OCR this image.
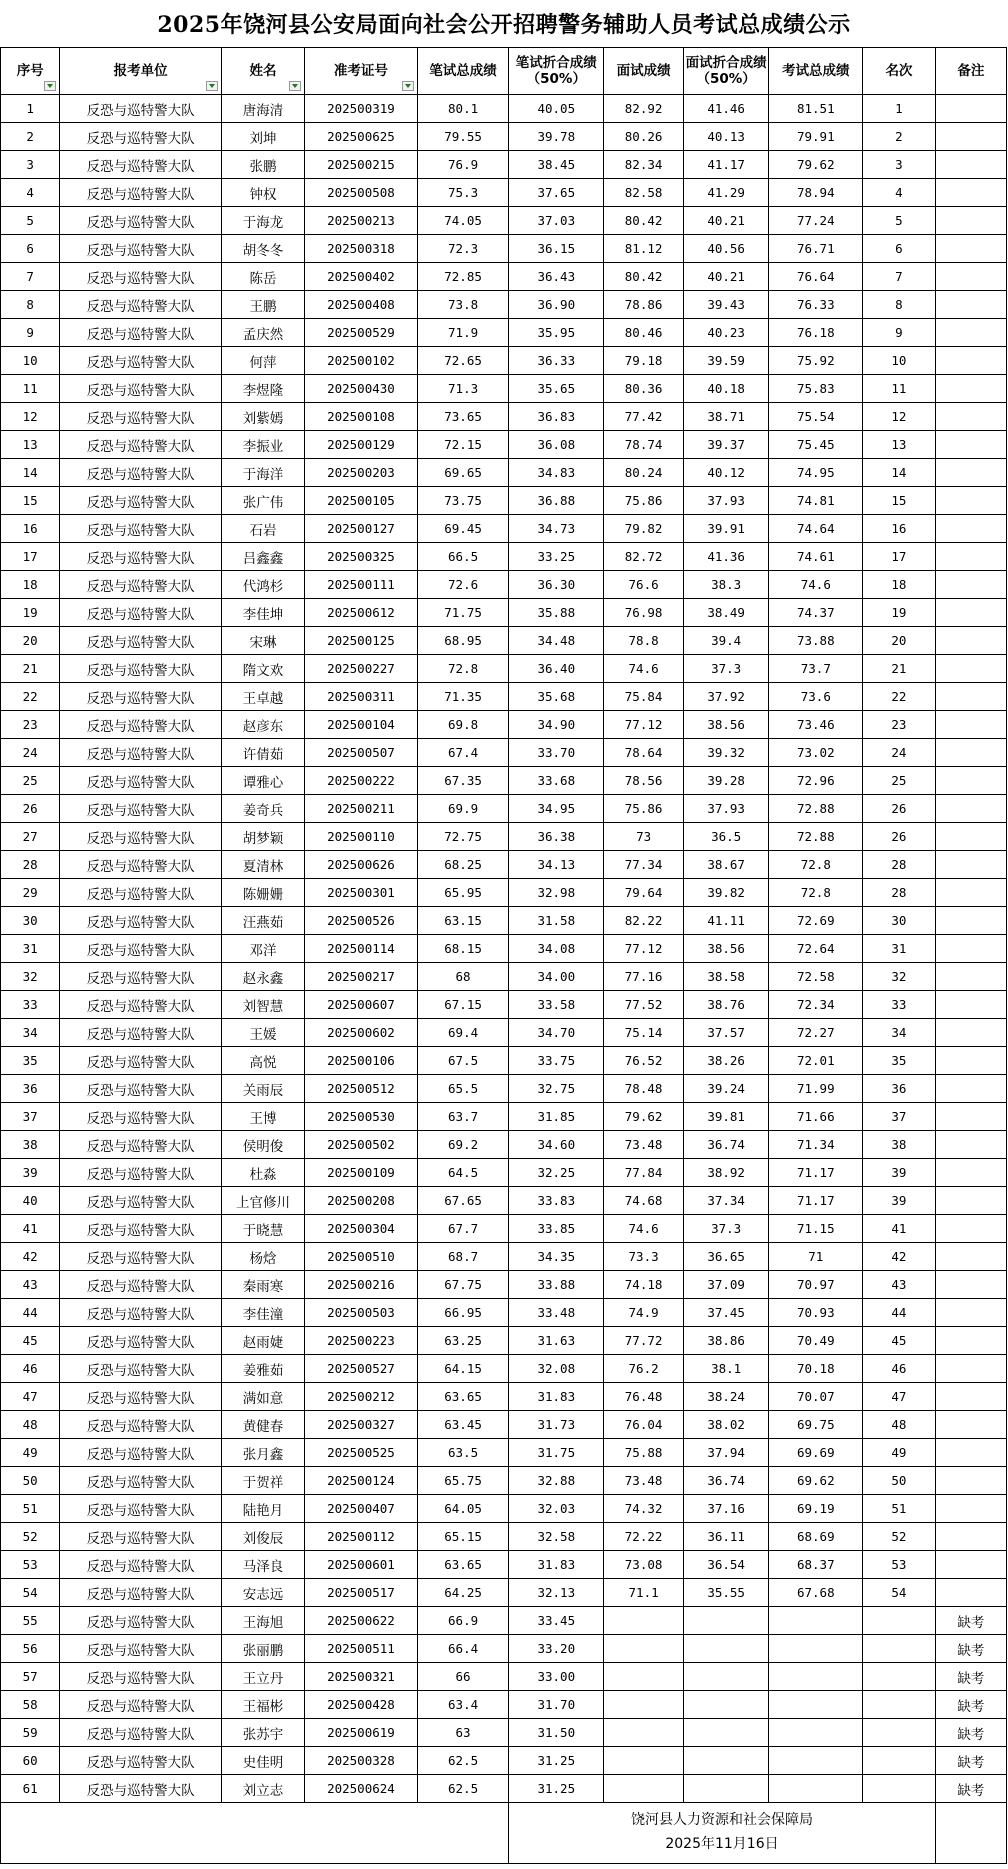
2025年饶河县公安局面向社会公开招聘警务辅助人员考试总成绩公示
序号	报考单位	姓名	准考证号	笔试总成绩	笔试折合成绩（50%）	面试成绩	面试折合成绩（50%）	考试总成绩	名次	备注
1	反恐与巡特警大队	唐海清	202500319	80.1	40.05	82.92	41.46	81.51	1	
2	反恐与巡特警大队	刘坤	202500625	79.55	39.78	80.26	40.13	79.91	2	
3	反恐与巡特警大队	张鹏	202500215	76.9	38.45	82.34	41.17	79.62	3	
4	反恐与巡特警大队	钟权	202500508	75.3	37.65	82.58	41.29	78.94	4	
5	反恐与巡特警大队	于海龙	202500213	74.05	37.03	80.42	40.21	77.24	5	
6	反恐与巡特警大队	胡冬冬	202500318	72.3	36.15	81.12	40.56	76.71	6	
7	反恐与巡特警大队	陈岳	202500402	72.85	36.43	80.42	40.21	76.64	7	
8	反恐与巡特警大队	王鹏	202500408	73.8	36.90	78.86	39.43	76.33	8	
9	反恐与巡特警大队	孟庆然	202500529	71.9	35.95	80.46	40.23	76.18	9	
10	反恐与巡特警大队	何萍	202500102	72.65	36.33	79.18	39.59	75.92	10	
11	反恐与巡特警大队	李煜隆	202500430	71.3	35.65	80.36	40.18	75.83	11	
12	反恐与巡特警大队	刘紫嫣	202500108	73.65	36.83	77.42	38.71	75.54	12	
13	反恐与巡特警大队	李振业	202500129	72.15	36.08	78.74	39.37	75.45	13	
14	反恐与巡特警大队	于海洋	202500203	69.65	34.83	80.24	40.12	74.95	14	
15	反恐与巡特警大队	张广伟	202500105	73.75	36.88	75.86	37.93	74.81	15	
16	反恐与巡特警大队	石岩	202500127	69.45	34.73	79.82	39.91	74.64	16	
17	反恐与巡特警大队	吕鑫鑫	202500325	66.5	33.25	82.72	41.36	74.61	17	
18	反恐与巡特警大队	代鸿杉	202500111	72.6	36.30	76.6	38.3	74.6	18	
19	反恐与巡特警大队	李佳坤	202500612	71.75	35.88	76.98	38.49	74.37	19	
20	反恐与巡特警大队	宋琳	202500125	68.95	34.48	78.8	39.4	73.88	20	
21	反恐与巡特警大队	隋文欢	202500227	72.8	36.40	74.6	37.3	73.7	21	
22	反恐与巡特警大队	王卓越	202500311	71.35	35.68	75.84	37.92	73.6	22	
23	反恐与巡特警大队	赵彦东	202500104	69.8	34.90	77.12	38.56	73.46	23	
24	反恐与巡特警大队	许倩茹	202500507	67.4	33.70	78.64	39.32	73.02	24	
25	反恐与巡特警大队	谭雅心	202500222	67.35	33.68	78.56	39.28	72.96	25	
26	反恐与巡特警大队	姜奇兵	202500211	69.9	34.95	75.86	37.93	72.88	26	
27	反恐与巡特警大队	胡梦颖	202500110	72.75	36.38	73	36.5	72.88	26	
28	反恐与巡特警大队	夏清林	202500626	68.25	34.13	77.34	38.67	72.8	28	
29	反恐与巡特警大队	陈姗姗	202500301	65.95	32.98	79.64	39.82	72.8	28	
30	反恐与巡特警大队	汪燕茹	202500526	63.15	31.58	82.22	41.11	72.69	30	
31	反恐与巡特警大队	邓洋	202500114	68.15	34.08	77.12	38.56	72.64	31	
32	反恐与巡特警大队	赵永鑫	202500217	68	34.00	77.16	38.58	72.58	32	
33	反恐与巡特警大队	刘智慧	202500607	67.15	33.58	77.52	38.76	72.34	33	
34	反恐与巡特警大队	王媛	202500602	69.4	34.70	75.14	37.57	72.27	34	
35	反恐与巡特警大队	高悦	202500106	67.5	33.75	76.52	38.26	72.01	35	
36	反恐与巡特警大队	关雨辰	202500512	65.5	32.75	78.48	39.24	71.99	36	
37	反恐与巡特警大队	王博	202500530	63.7	31.85	79.62	39.81	71.66	37	
38	反恐与巡特警大队	侯明俊	202500502	69.2	34.60	73.48	36.74	71.34	38	
39	反恐与巡特警大队	杜淼	202500109	64.5	32.25	77.84	38.92	71.17	39	
40	反恐与巡特警大队	上官修川	202500208	67.65	33.83	74.68	37.34	71.17	39	
41	反恐与巡特警大队	于晓慧	202500304	67.7	33.85	74.6	37.3	71.15	41	
42	反恐与巡特警大队	杨焓	202500510	68.7	34.35	73.3	36.65	71	42	
43	反恐与巡特警大队	秦雨寒	202500216	67.75	33.88	74.18	37.09	70.97	43	
44	反恐与巡特警大队	李佳潼	202500503	66.95	33.48	74.9	37.45	70.93	44	
45	反恐与巡特警大队	赵雨婕	202500223	63.25	31.63	77.72	38.86	70.49	45	
46	反恐与巡特警大队	姜雅茹	202500527	64.15	32.08	76.2	38.1	70.18	46	
47	反恐与巡特警大队	满如意	202500212	63.65	31.83	76.48	38.24	70.07	47	
48	反恐与巡特警大队	黄健春	202500327	63.45	31.73	76.04	38.02	69.75	48	
49	反恐与巡特警大队	张月鑫	202500525	63.5	31.75	75.88	37.94	69.69	49	
50	反恐与巡特警大队	于贺祥	202500124	65.75	32.88	73.48	36.74	69.62	50	
51	反恐与巡特警大队	陆艳月	202500407	64.05	32.03	74.32	37.16	69.19	51	
52	反恐与巡特警大队	刘俊辰	202500112	65.15	32.58	72.22	36.11	68.69	52	
53	反恐与巡特警大队	马泽良	202500601	63.65	31.83	73.08	36.54	68.37	53	
54	反恐与巡特警大队	安志远	202500517	64.25	32.13	71.1	35.55	67.68	54	
55	反恐与巡特警大队	王海旭	202500622	66.9	33.45					缺考
56	反恐与巡特警大队	张丽鹏	202500511	66.4	33.20					缺考
57	反恐与巡特警大队	王立丹	202500321	66	33.00					缺考
58	反恐与巡特警大队	王福彬	202500428	63.4	31.70					缺考
59	反恐与巡特警大队	张苏宇	202500619	63	31.50					缺考
60	反恐与巡特警大队	史佳明	202500328	62.5	31.25					缺考
61	反恐与巡特警大队	刘立志	202500624	62.5	31.25					缺考

					饶河县人力资源和社会保障局
2025年11月16日					
